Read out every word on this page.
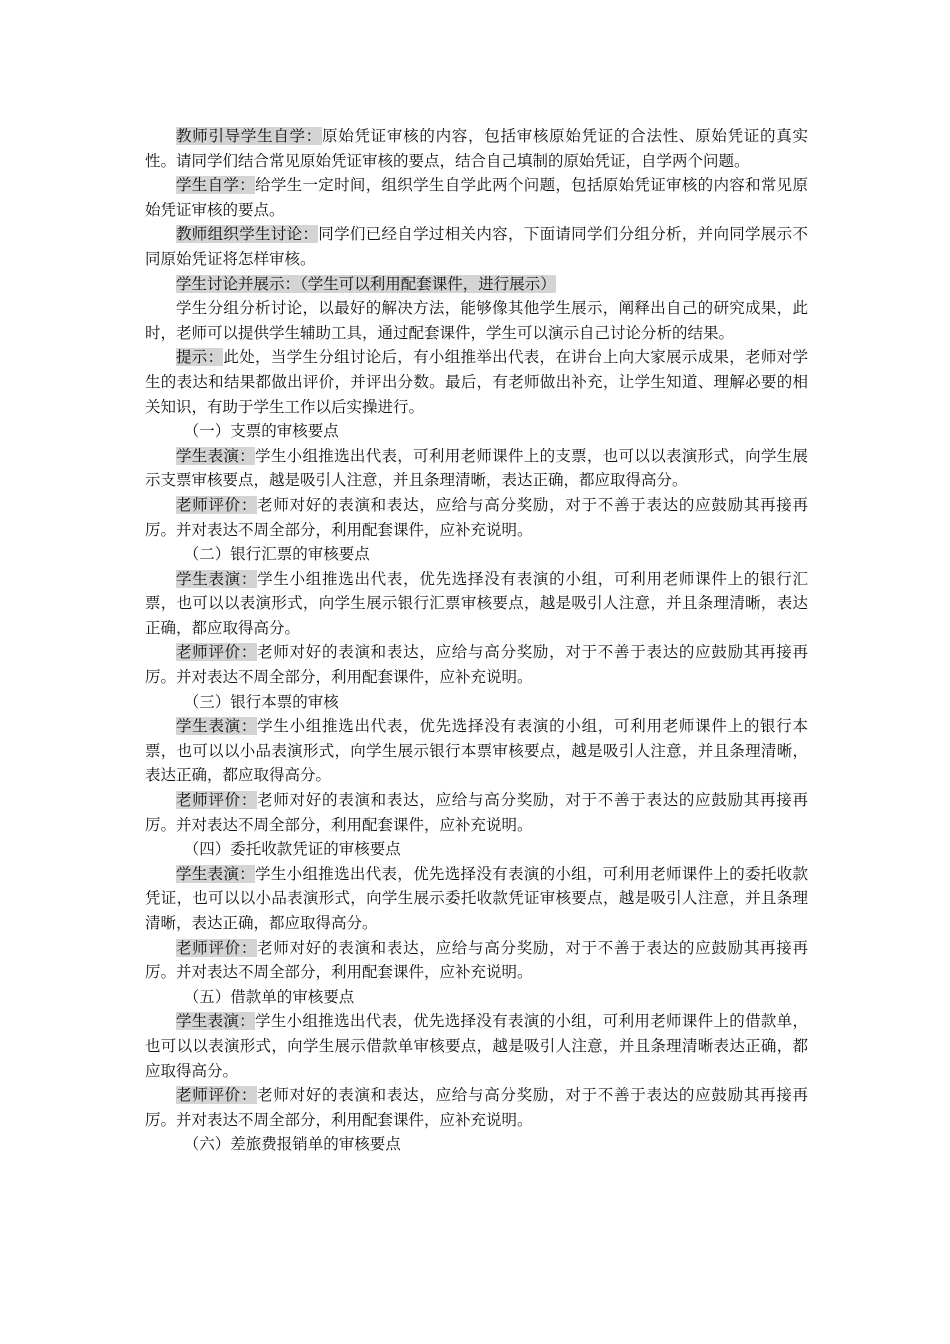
教师引导学生自学：原始凭证审核的内容，包括审核原始凭证的合法性、原始凭证的真实性。请同学们结合常见原始凭证审核的要点，结合自己填制的原始凭证，自学两个问题。

学生自学：给学生一定时间，组织学生自学此两个问题，包括原始凭证审核的内容和常见原始凭证审核的要点。

教师组织学生讨论：同学们已经自学过相关内容，下面请同学们分组分析，并向同学展示不同原始凭证将怎样审核。

学生讨论并展示：（学生可以利用配套课件，进行展示）

学生分组分析讨论，以最好的解决方法，能够像其他学生展示，阐释出自己的研究成果，此时，老师可以提供学生辅助工具，通过配套课件，学生可以演示自己讨论分析的结果。

提示：此处，当学生分组讨论后，有小组推举出代表，在讲台上向大家展示成果，老师对学生的表达和结果都做出评价，并评出分数。最后，有老师做出补充，让学生知道、理解必要的相关知识，有助于学生工作以后实操进行。

（一）支票的审核要点

学生表演：学生小组推选出代表，可利用老师课件上的支票，也可以以表演形式，向学生展示支票审核要点，越是吸引人注意，并且条理清晰，表达正确，都应取得高分。

老师评价：老师对好的表演和表达，应给与高分奖励，对于不善于表达的应鼓励其再接再厉。并对表达不周全部分，利用配套课件，应补充说明。

（二）银行汇票的审核要点

学生表演：学生小组推选出代表，优先选择没有表演的小组，可利用老师课件上的银行汇票，也可以以表演形式，向学生展示银行汇票审核要点，越是吸引人注意，并且条理清晰，表达正确，都应取得高分。

老师评价：老师对好的表演和表达，应给与高分奖励，对于不善于表达的应鼓励其再接再厉。并对表达不周全部分，利用配套课件，应补充说明。

（三）银行本票的审核

学生表演：学生小组推选出代表，优先选择没有表演的小组，可利用老师课件上的银行本票，也可以以小品表演形式，向学生展示银行本票审核要点，越是吸引人注意，并且条理清晰，表达正确，都应取得高分。

老师评价：老师对好的表演和表达，应给与高分奖励，对于不善于表达的应鼓励其再接再厉。并对表达不周全部分，利用配套课件，应补充说明。

（四）委托收款凭证的审核要点

学生表演：学生小组推选出代表，优先选择没有表演的小组，可利用老师课件上的委托收款凭证，也可以以小品表演形式，向学生展示委托收款凭证审核要点，越是吸引人注意，并且条理清晰，表达正确，都应取得高分。

老师评价：老师对好的表演和表达，应给与高分奖励，对于不善于表达的应鼓励其再接再厉。并对表达不周全部分，利用配套课件，应补充说明。

（五）借款单的审核要点

学生表演：学生小组推选出代表，优先选择没有表演的小组，可利用老师课件上的借款单，也可以以表演形式，向学生展示借款单审核要点，越是吸引人注意，并且条理清晰表达正确，都应取得高分。

老师评价：老师对好的表演和表达，应给与高分奖励，对于不善于表达的应鼓励其再接再厉。并对表达不周全部分，利用配套课件，应补充说明。

（六）差旅费报销单的审核要点
